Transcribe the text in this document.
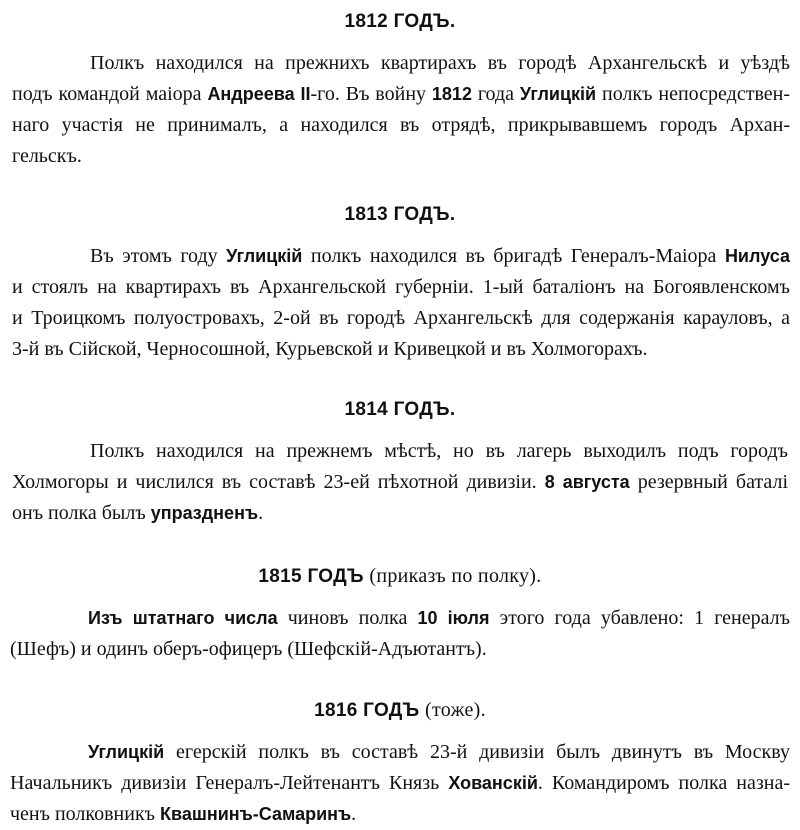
1812 ГОДЪ.
Полкъ находился на прежнихъ квартирахъ въ городѣ Архангельскѣ и уѣздѣ
подъ командой маіора Андреева II-го. Въ войну 1812 года Углицкій полкъ непосредствен-
наго участія не принималъ, а находился въ отрядѣ, прикрывавшемъ городъ Архан-
гельскъ.
1813 ГОДЪ.
Въ этомъ году Углицкій полкъ находился въ бригадѣ Генералъ-Маіора Нилуса
и стоялъ на квартирахъ въ Архангельской губерніи. 1-ый баталіонъ на Богоявленскомъ
и Троицкомъ полуостровахъ, 2-ой въ городѣ Архангельскѣ для содержанія карауловъ, а
3-й въ Сійской, Черносошной, Курьевской и Кривецкой и въ Холмогорахъ.
1814 ГОДЪ.
Полкъ находился на прежнемъ мѣстѣ, но въ лагерь выходилъ подъ городъ
Холмогоры и числился въ составѣ 23-ей пѣхотной дивизіи. 8 августа резервный баталі
онъ полка былъ упраздненъ.
1815 ГОДЪ (приказъ по полку).
Изъ штатнаго числа чиновъ полка 10 іюля этого года убавлено: 1 генералъ
(Шефъ) и одинъ оберъ-офицеръ (Шефскій-Адъютантъ).
1816 ГОДЪ (тоже).
Углицкій егерскій полкъ въ составѣ 23-й дивизіи былъ двинутъ въ Москву
Начальникъ дивизіи Генералъ-Лейтенантъ Князь Хованскій. Командиромъ полка назна-
ченъ полковникъ Квашнинъ-Самаринъ.
